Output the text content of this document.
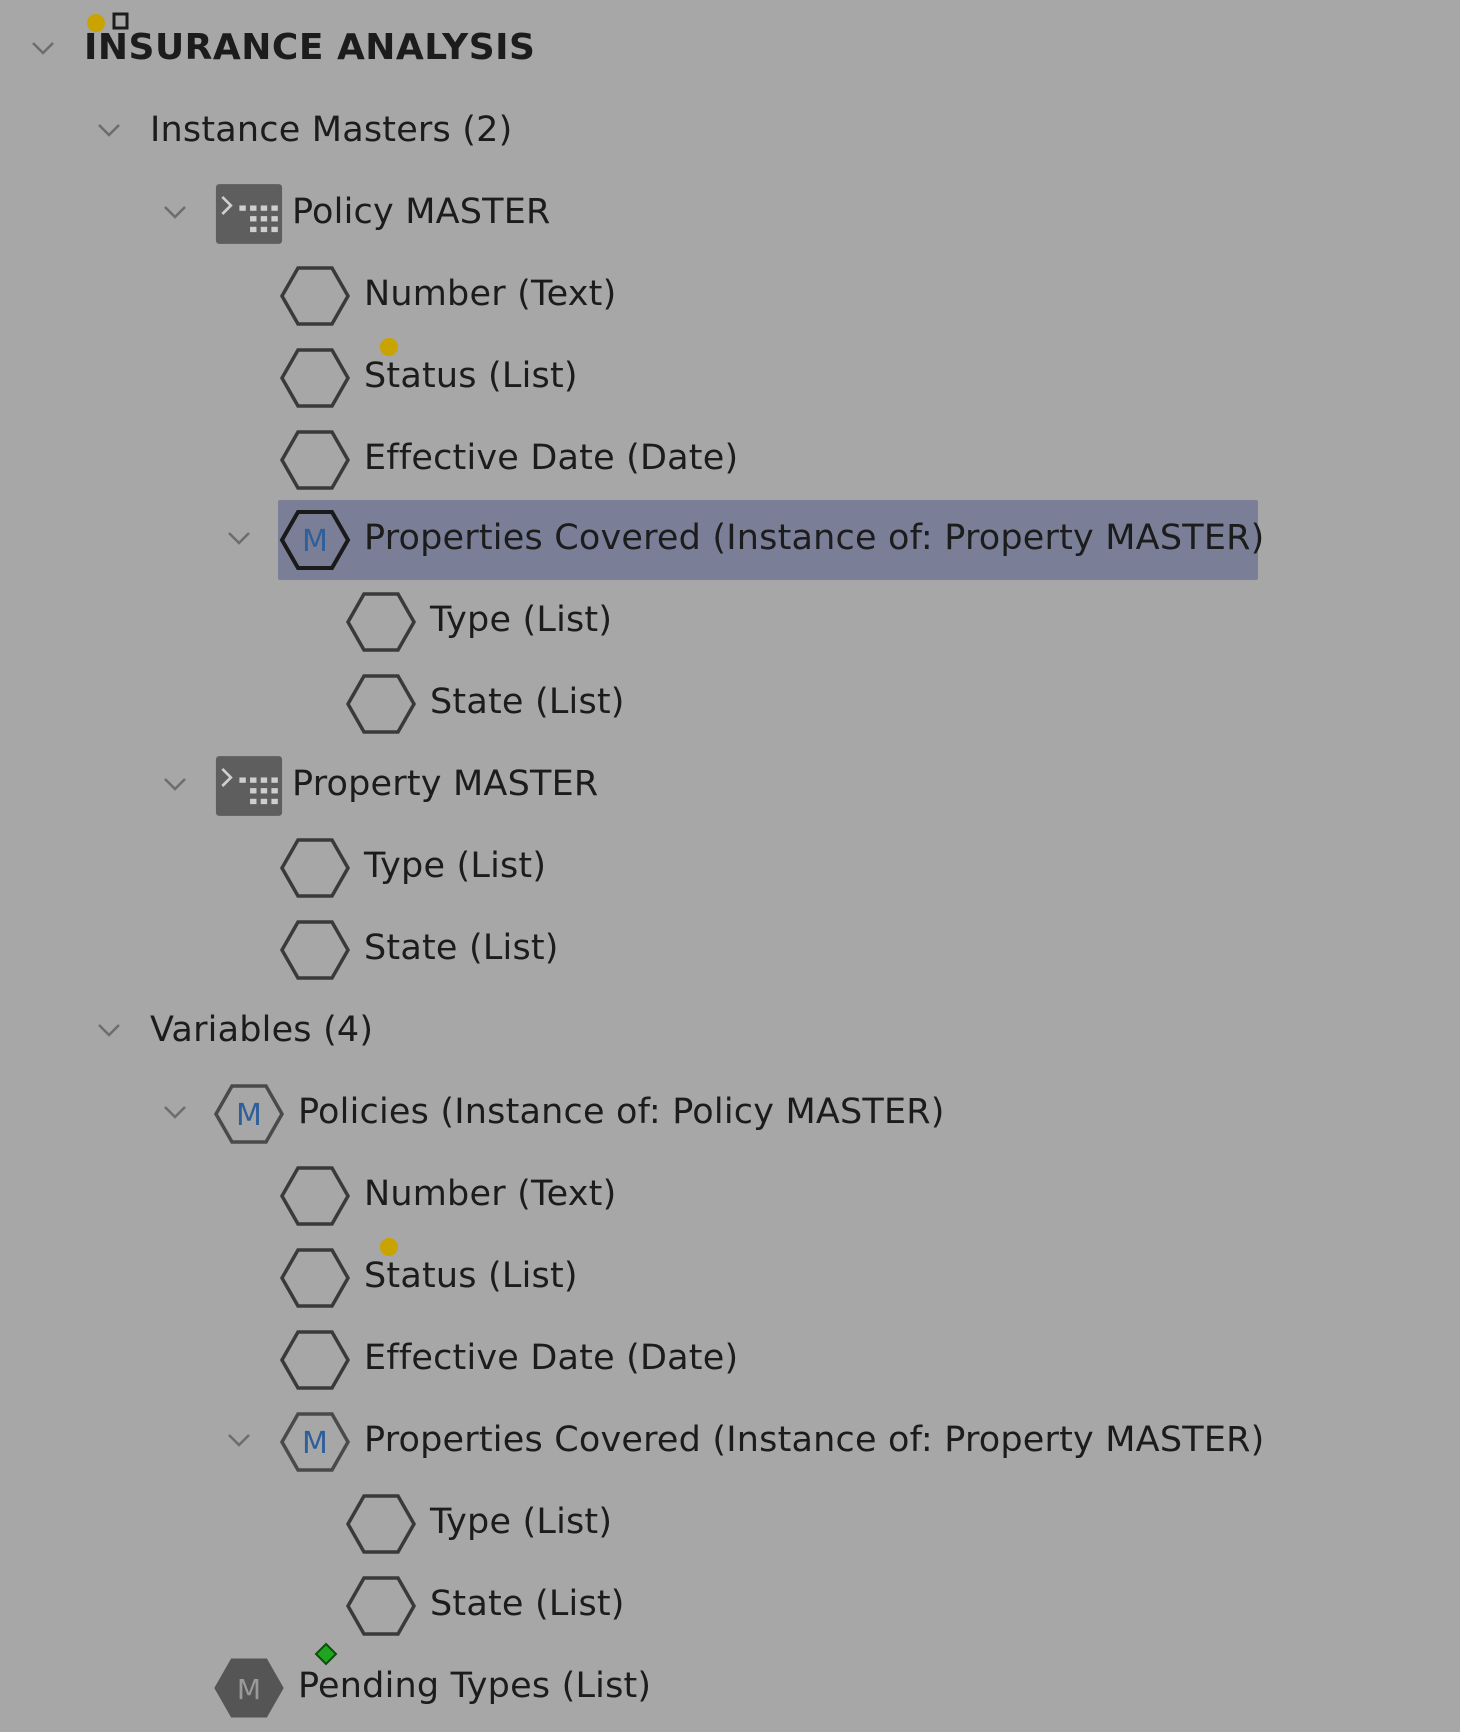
INSURANCE ANALYSIS
Instance Masters (2)
Policy MASTER
Number (Text)
Status (List)
Effective Date (Date)
M Properties Covered (Instance of: Property MASTER)
Type (List)
State (List)
Property MASTER
Type (List)
State (List)
Variables (4)
M Policies (Instance of: Policy MASTER)
Number (Text)
Status (List)
Effective Date (Date)
M Properties Covered (Instance of: Property MASTER)
Type (List)
State (List)
M Pending Types (List)
